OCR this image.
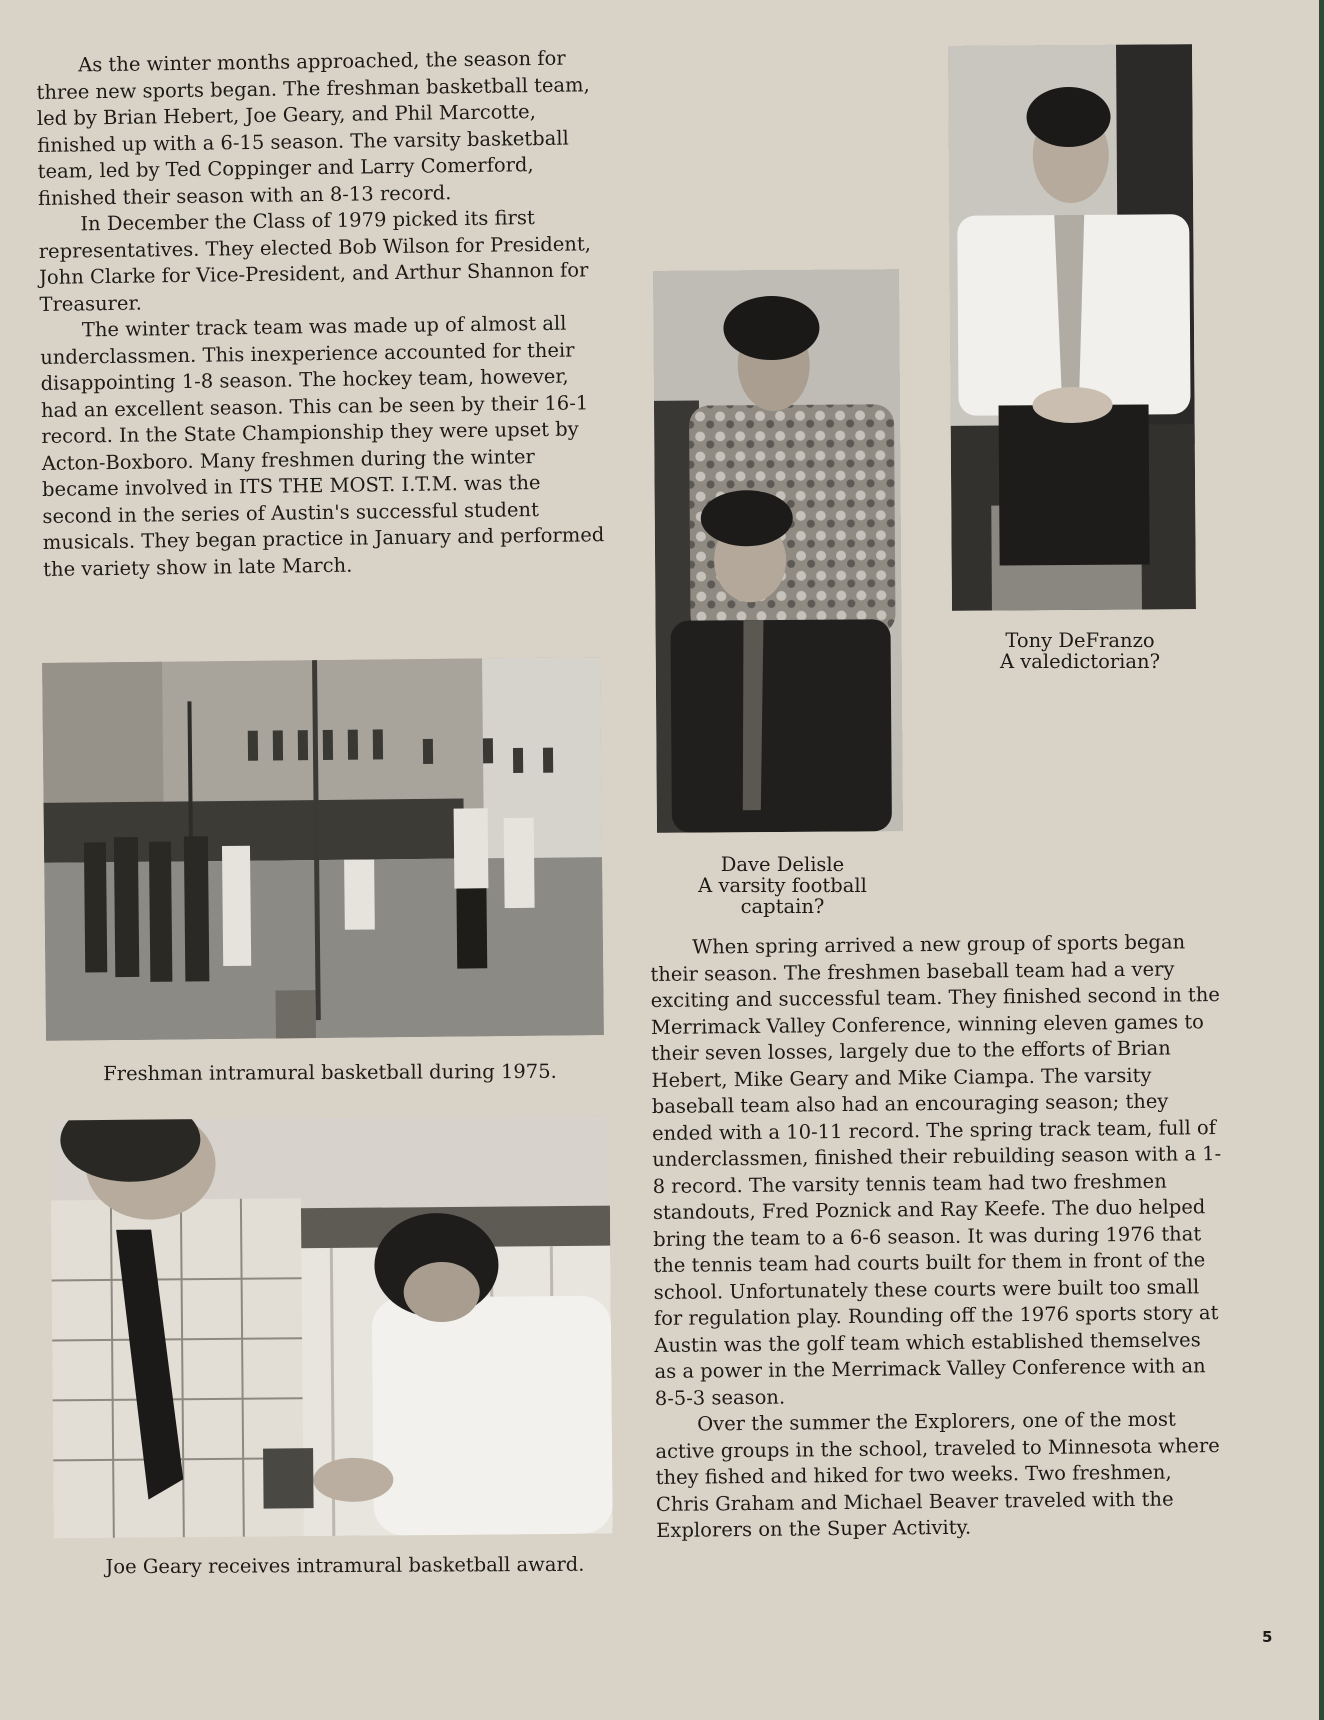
As the winter months approached, the season for three new sports began. The freshman basketball team, led by Brian Hebert, Joe Geary, and Phil Marcotte, finished up with a 6-15 season. The varsity basketball team, led by Ted Coppinger and Larry Comerford, finished their season with an 8-13 record.

In December the Class of 1979 picked its first representatives. They elected Bob Wilson for President, John Clarke for Vice-President, and Arthur Shannon for Treasurer.

The winter track team was made up of almost all underclassmen. This inexperience accounted for their disappointing 1-8 season. The hockey team, however, had an excellent season. This can be seen by their 16-1 record. In the State Championship they were upset by Acton-Boxboro. Many freshmen during the winter became involved in ITS THE MOST. I.T.M. was the second in the series of Austin's successful student musicals. They began practice in January and performed the variety show in late March.

Tony DeFranzo
A valedictorian?

Dave Delisle
A varsity football
captain?

Freshman intramural basketball during 1975.

Joe Geary receives intramural basketball award.

When spring arrived a new group of sports began their season. The freshmen baseball team had a very exciting and successful team. They finished second in the Merrimack Valley Conference, winning eleven games to their seven losses, largely due to the efforts of Brian Hebert, Mike Geary and Mike Ciampa. The varsity baseball team also had an encouraging season; they ended with a 10-11 record. The spring track team, full of underclassmen, finished their rebuilding season with a 1-8 record. The varsity tennis team had two freshmen standouts, Fred Poznick and Ray Keefe. The duo helped bring the team to a 6-6 season. It was during 1976 that the tennis team had courts built for them in front of the school. Unfortunately these courts were built too small for regulation play. Rounding off the 1976 sports story at Austin was the golf team which established themselves as a power in the Merrimack Valley Conference with an 8-5-3 season.

Over the summer the Explorers, one of the most active groups in the school, traveled to Minnesota where they fished and hiked for two weeks. Two freshmen, Chris Graham and Michael Beaver traveled with the Explorers on the Super Activity.

5
